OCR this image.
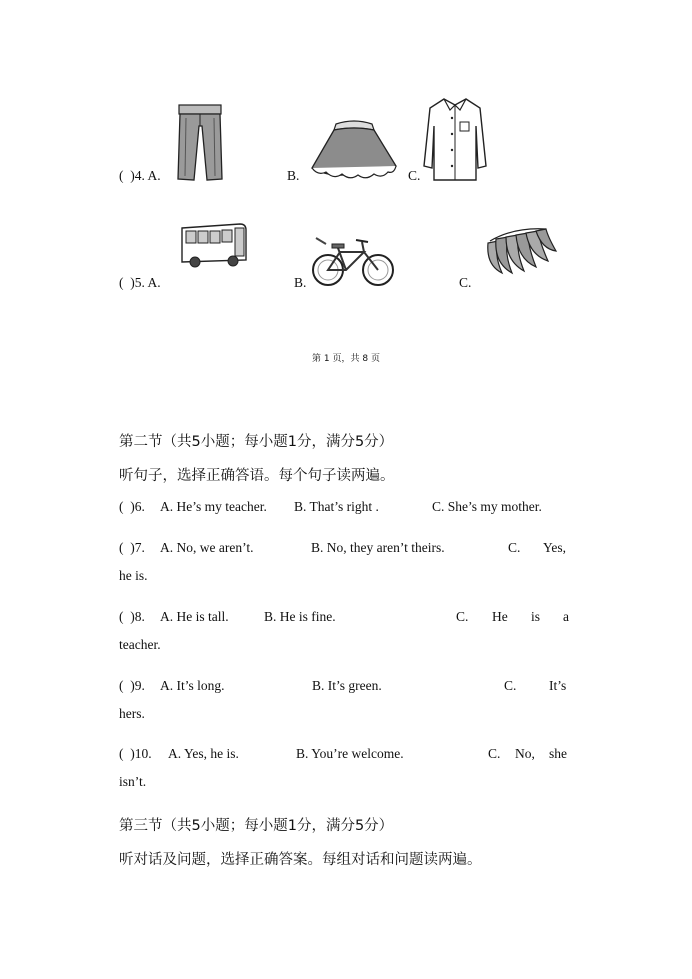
(  )4. A.	B.	C.
(  )5. A.	B.	C.
第 1 页，共 8 页
第二节（共5小题；每小题1分，满分5分）
听句子，选择正确答语。每个句子读两遍。
(  )6. A. He’s my teacher. B. That’s right .	C. She’s my mother.
(  )7. A. No, we aren’t.	B. No, they aren’t theirs.	C. Yes,
he is.
(  )8. A. He is tall.	B. He is fine.	C. He is a
teacher.
(  )9. A. It’s long.	B. It’s green.	C. It’s
hers.
(  )10. A. Yes, he is.	B. You’re welcome.	C. No, she
isn’t.
第三节（共5小题；每小题1分，满分5分）
听对话及问题，选择正确答案。每组对话和问题读两遍。
